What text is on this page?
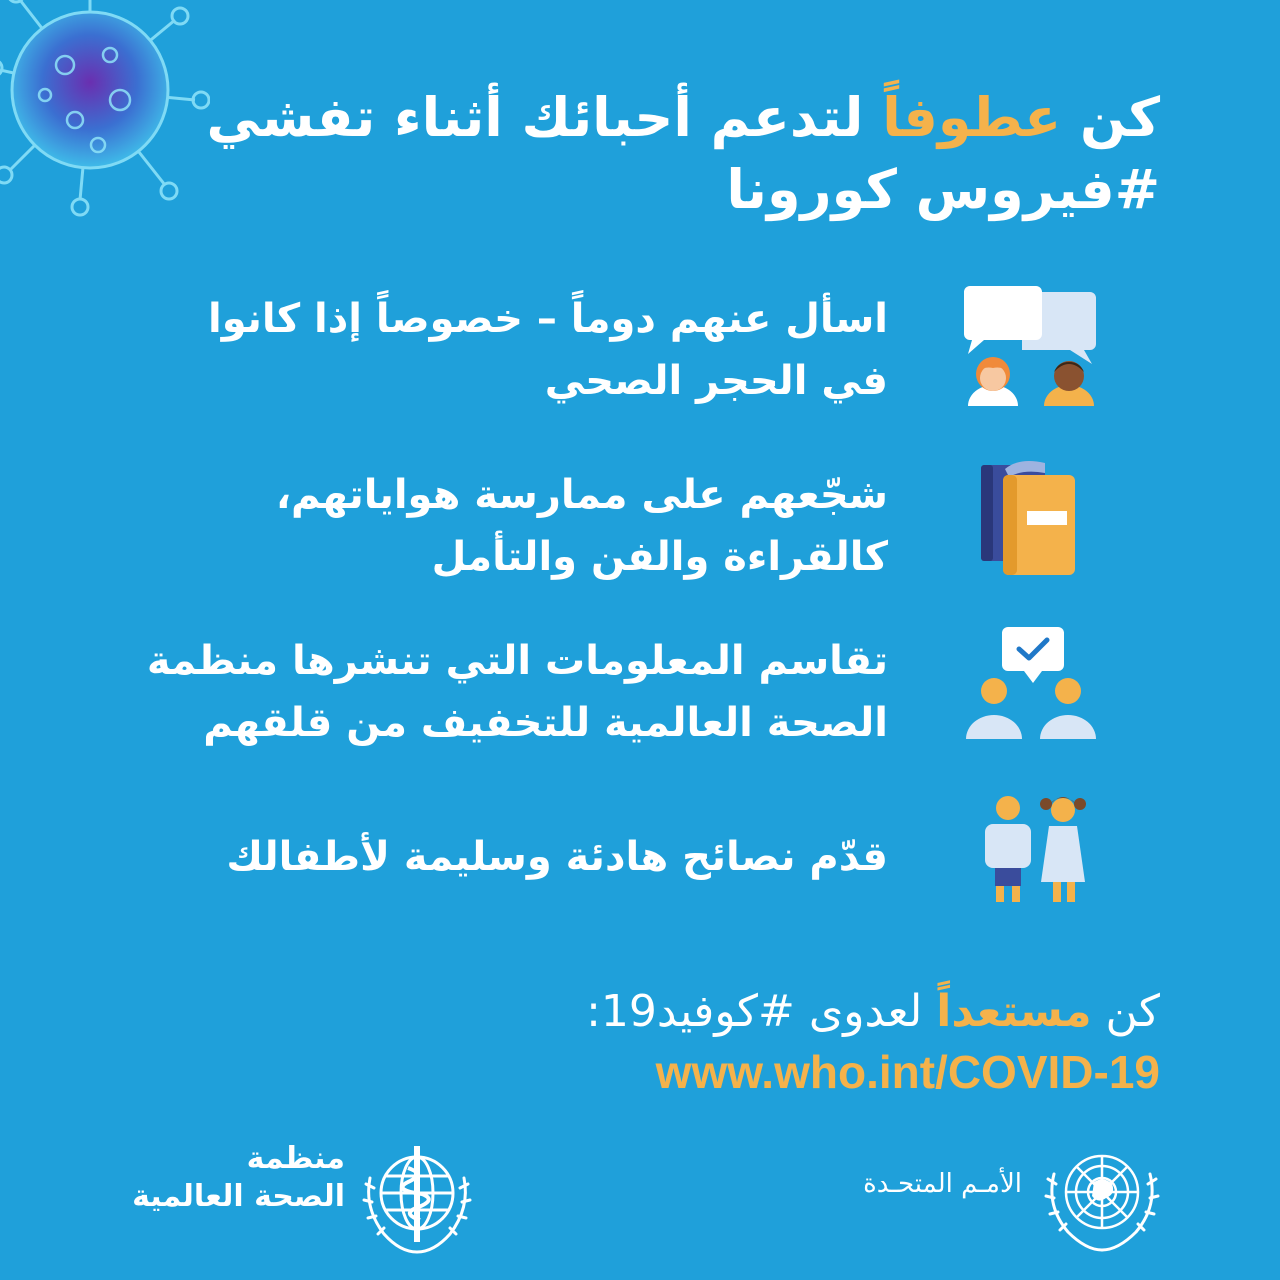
كن عطوفاً لتدعم أحبائك أثناء تفشي
#فيروس كورونا
اسأل عنهم دوماً – خصوصاً إذا كانوا
في الحجر الصحي
شجّعهم على ممارسة هواياتهم،
كالقراءة والفن والتأمل
تقاسم المعلومات التي تنشرها منظمة
الصحة العالمية للتخفيف من قلقهم
قدّم نصائح هادئة وسليمة لأطفالك
كن مستعداً لعدوى #كوفيد19:
www.who.int/COVID-19
منظمة
الصحة العالمية	الأمـم المتحـدة
